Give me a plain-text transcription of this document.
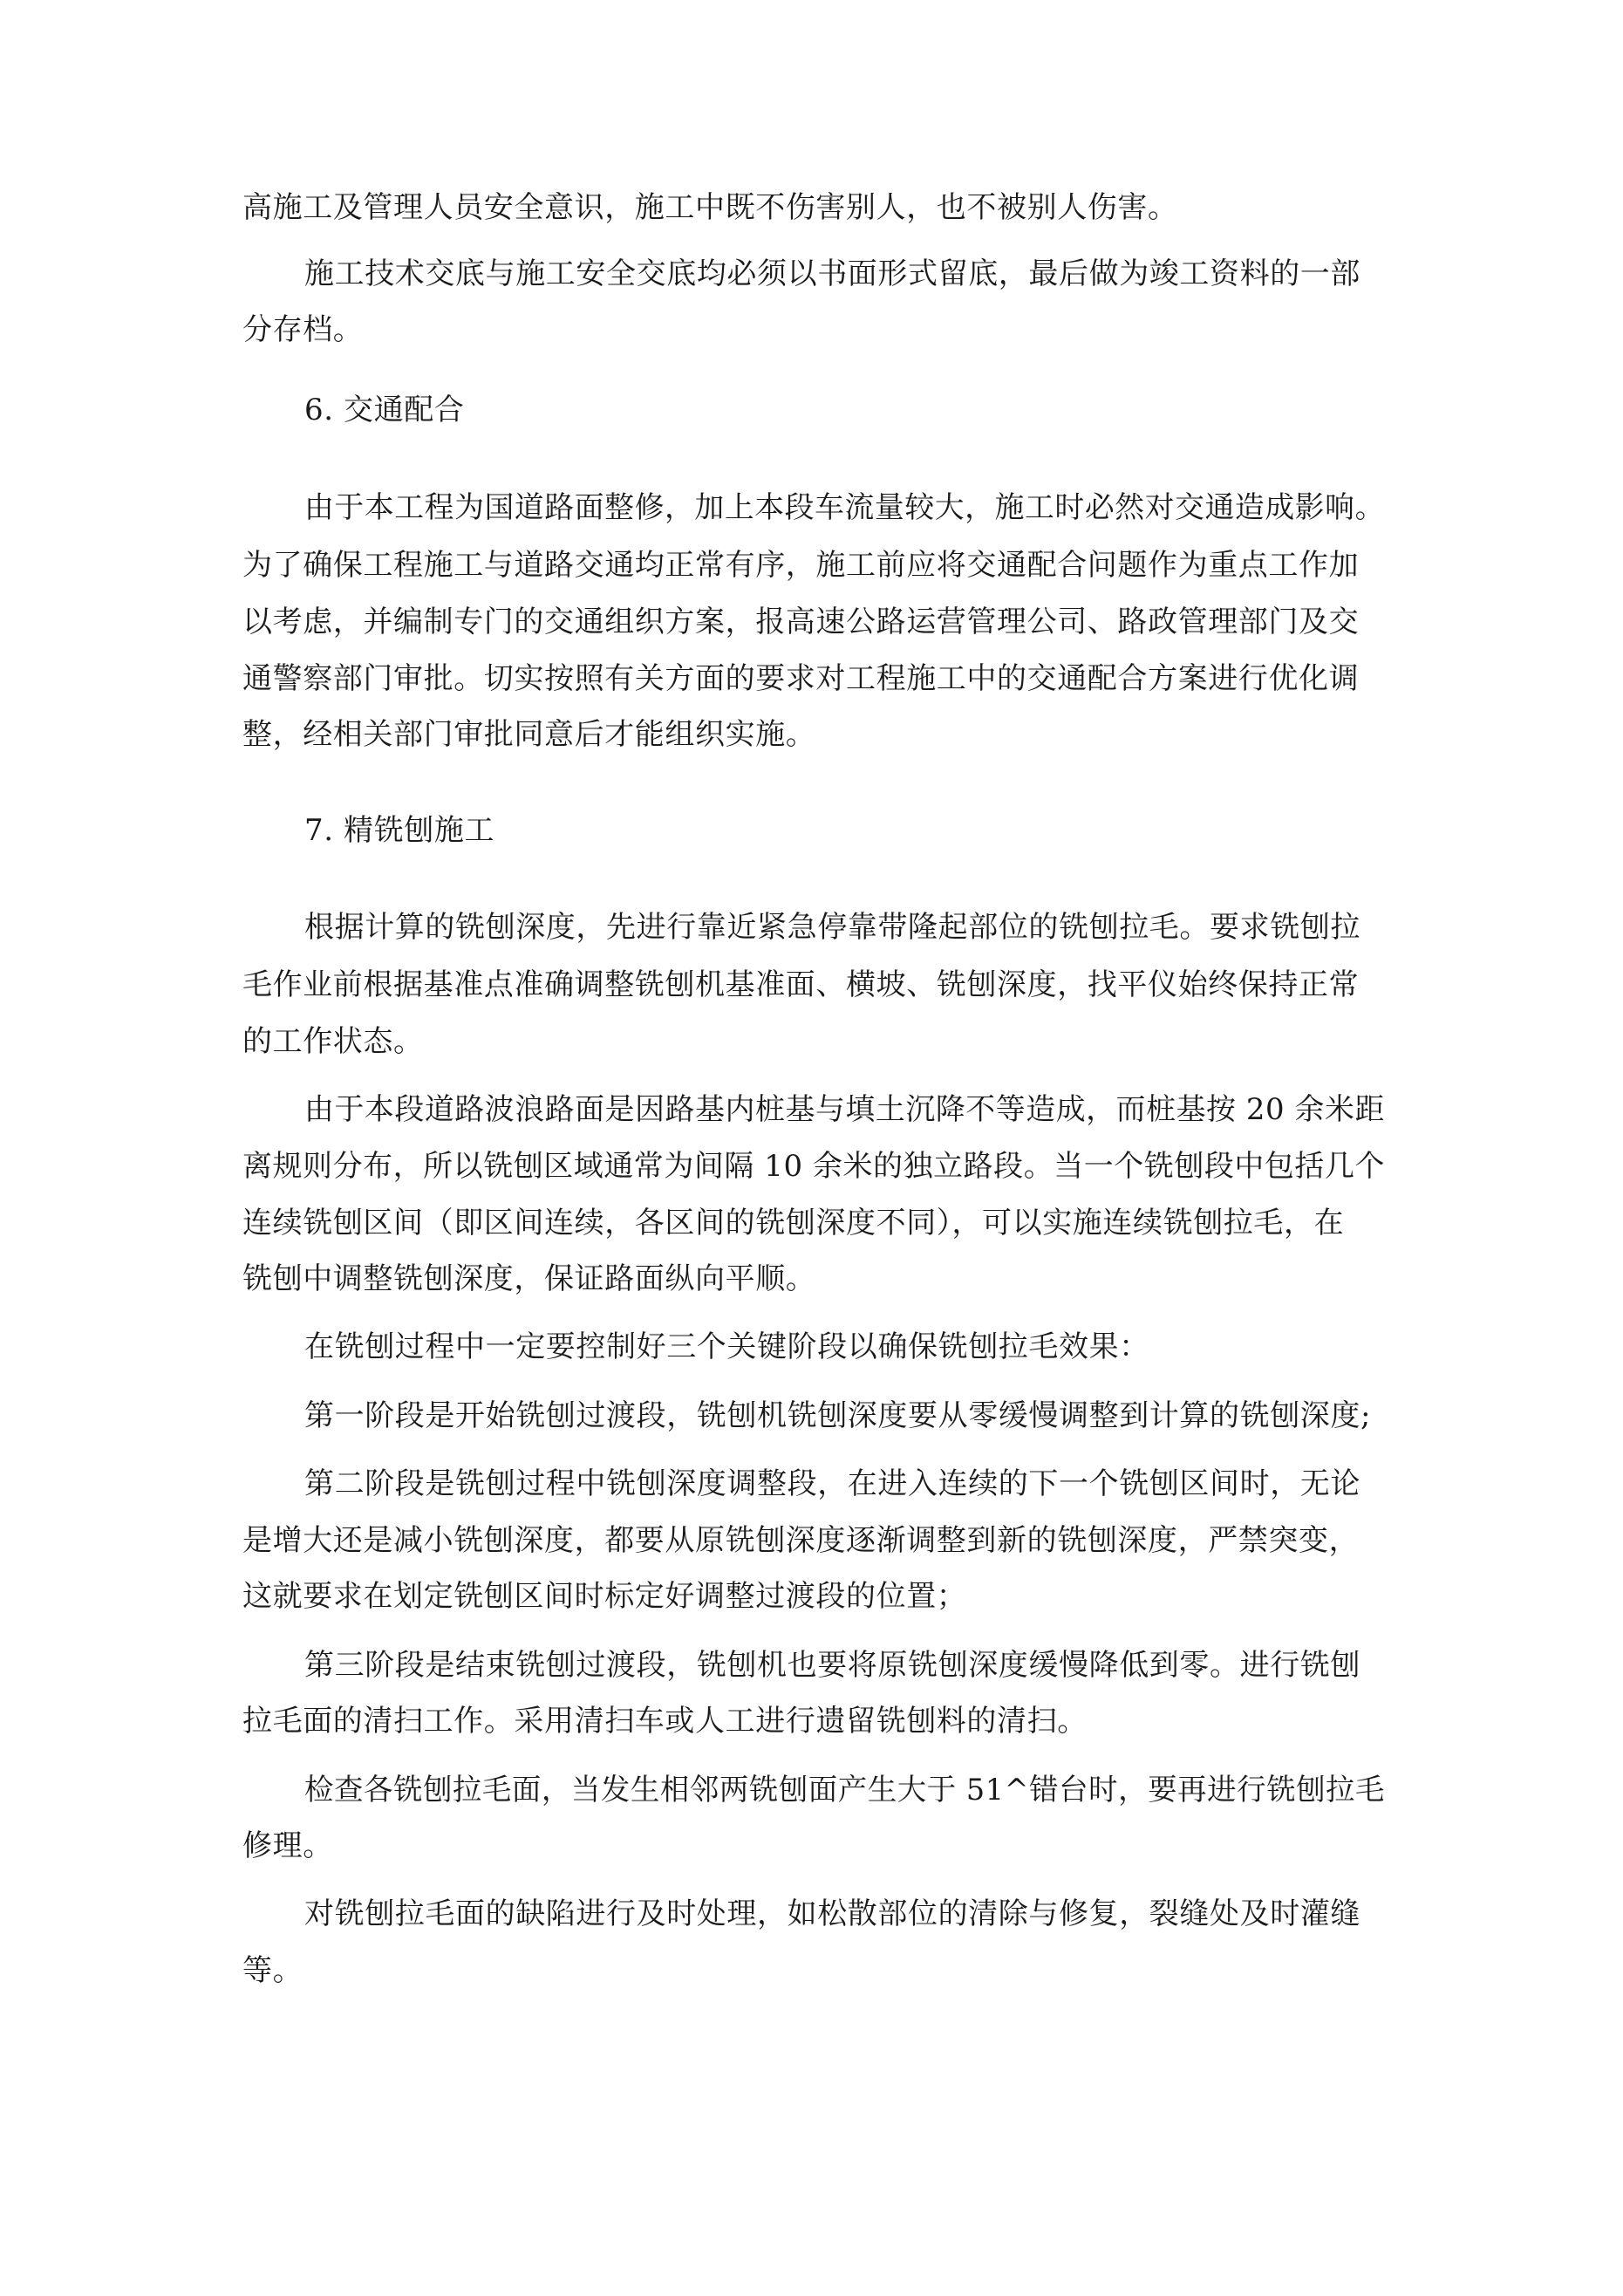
高施工及管理人员安全意识，施工中既不伤害别人，也不被别人伤害。

施工技术交底与施工安全交底均必须以书面形式留底，最后做为竣工资料的一部

分存档。

6. 交通配合

由于本工程为国道路面整修，加上本段车流量较大，施工时必然对交通造成影响。

为了确保工程施工与道路交通均正常有序，施工前应将交通配合问题作为重点工作加

以考虑，并编制专门的交通组织方案，报高速公路运营管理公司、路政管理部门及交

通警察部门审批。切实按照有关方面的要求对工程施工中的交通配合方案进行优化调

整，经相关部门审批同意后才能组织实施。

7. 精铣刨施工

根据计算的铣刨深度，先进行靠近紧急停靠带隆起部位的铣刨拉毛。要求铣刨拉

毛作业前根据基准点准确调整铣刨机基准面、横坡、铣刨深度，找平仪始终保持正常

的工作状态。

由于本段道路波浪路面是因路基内桩基与填土沉降不等造成，而桩基按 20 余米距

离规则分布，所以铣刨区域通常为间隔 10 余米的独立路段。当一个铣刨段中包括几个

连续铣刨区间（即区间连续，各区间的铣刨深度不同），可以实施连续铣刨拉毛，在

铣刨中调整铣刨深度，保证路面纵向平顺。

在铣刨过程中一定要控制好三个关键阶段以确保铣刨拉毛效果：

第一阶段是开始铣刨过渡段，铣刨机铣刨深度要从零缓慢调整到计算的铣刨深度;

第二阶段是铣刨过程中铣刨深度调整段，在进入连续的下一个铣刨区间时，无论

是增大还是减小铣刨深度，都要从原铣刨深度逐渐调整到新的铣刨深度，严禁突变，

这就要求在划定铣刨区间时标定好调整过渡段的位置；

第三阶段是结束铣刨过渡段，铣刨机也要将原铣刨深度缓慢降低到零。进行铣刨

拉毛面的清扫工作。采用清扫车或人工进行遗留铣刨料的清扫。

检查各铣刨拉毛面，当发生相邻两铣刨面产生大于 51^错台时，要再进行铣刨拉毛

修理。

对铣刨拉毛面的缺陷进行及时处理，如松散部位的清除与修复，裂缝处及时灌缝

等。
